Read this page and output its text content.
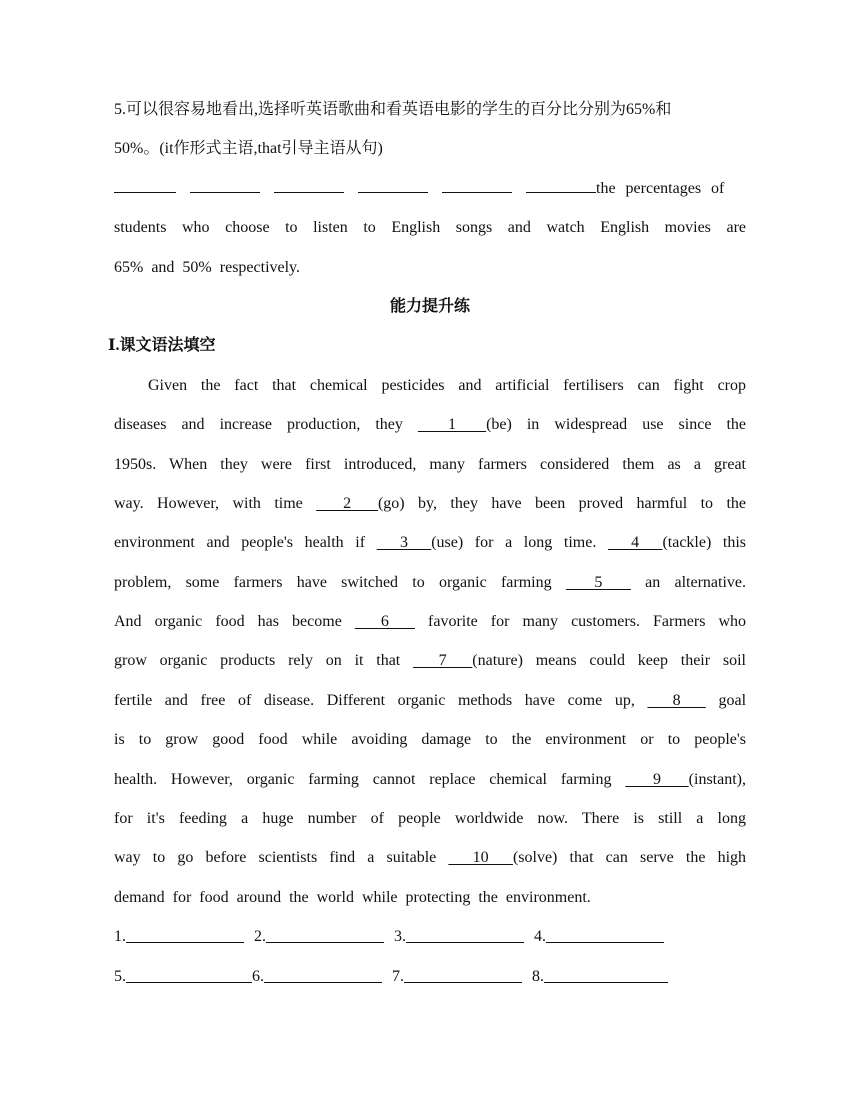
5.可以很容易地看出,选择听英语歌曲和看英语电影的学生的百分比分别为65%和
50%。(it作形式主语,that引导主语从句)
the percentages of
students who choose to listen to English songs and watch English movies are
65% and 50% respectively.
能力提升练
Ⅰ.课文语法填空
Given the fact that chemical pesticides and artificial fertilisers can fight crop
diseases and increase production, they   1  (be) in widespread use since the
1950s. When they were first introduced, many farmers considered them as a great
way. However, with time   2  (go) by, they have been proved harmful to the
environment and people's health if   3  (use) for a long time.   4  (tackle) this
problem, some farmers have switched to organic farming   5   an alternative.
And organic food has become   6   favorite for many customers. Farmers who
grow organic products rely on it that   7  (nature) means could keep their soil
fertile and free of disease. Different organic methods have come up,   8   goal
is to grow good food while avoiding damage to the environment or to people's
health. However, organic farming cannot replace chemical farming   9  (instant),
for it's feeding a huge number of people worldwide now. There is still a long
way to go before scientists find a suitable   10  (solve) that can serve the high
demand for food around the world while protecting the environment.
1.	2.	3.	4.
5.	6.	7.	8.
